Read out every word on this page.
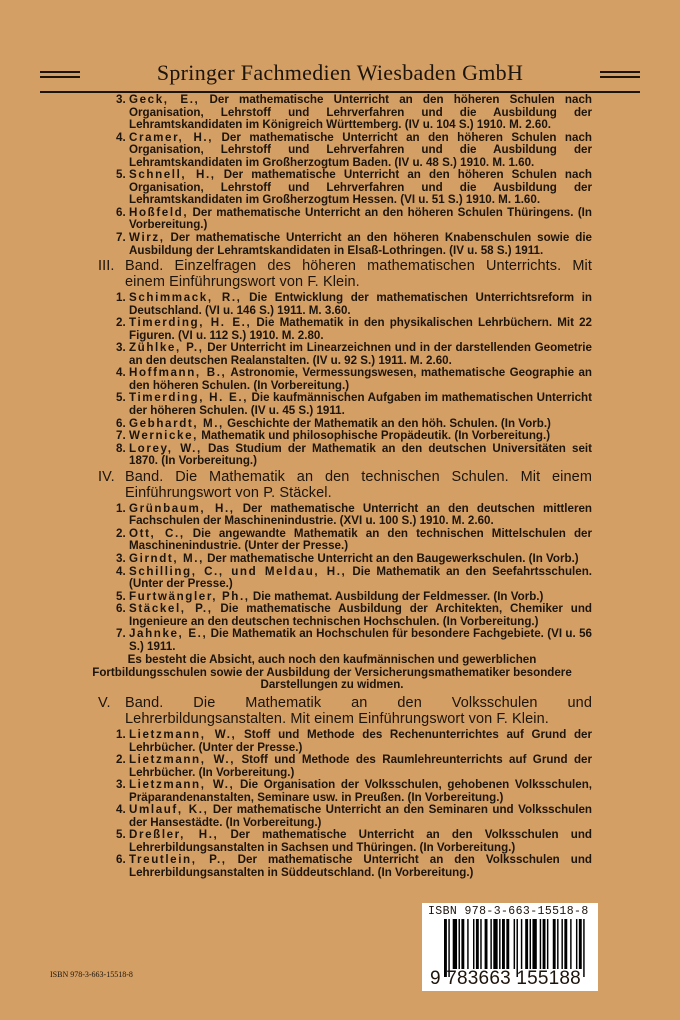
Springer Fachmedien Wiesbaden GmbH

3. Geck, E., Der mathematische Unterricht an den höheren Schulen nach Organisation, Lehrstoff und Lehrverfahren und die Ausbildung der Lehramtskandidaten im Königreich Württemberg. (IV u. 104 S.) 1910. M. 2.60.

4. Cramer, H., Der mathematische Unterricht an den höheren Schulen nach Organisation, Lehrstoff und Lehrverfahren und die Ausbildung der Lehramtskandidaten im Großherzogtum Baden. (IV u. 48 S.) 1910. M. 1.60.

5. Schnell, H., Der mathematische Unterricht an den höheren Schulen nach Organisation, Lehrstoff und Lehrverfahren und die Ausbildung der Lehramtskandidaten im Großherzogtum Hessen. (VI u. 51 S.) 1910. M. 1.60.

6. Hoßfeld, Der mathematische Unterricht an den höheren Schulen Thüringens. (In Vorbereitung.)

7. Wirz, Der mathematische Unterricht an den höheren Knabenschulen sowie die Ausbildung der Lehramtskandidaten in Elsaß-Lothringen. (IV u. 58 S.) 1911.

III. Band. Einzelfragen des höheren mathematischen Unterrichts. Mit einem Einführungswort von F. Klein.

1. Schimmack, R., Die Entwicklung der mathematischen Unterrichtsreform in Deutschland. (VI u. 146 S.) 1911. M. 3.60.

2. Timerding, H. E., Die Mathematik in den physikalischen Lehrbüchern. Mit 22 Figuren. (VI u. 112 S.) 1910. M. 2.80.

3. Zühlke, P., Der Unterricht im Linearzeichnen und in der darstellenden Geometrie an den deutschen Realanstalten. (IV u. 92 S.) 1911. M. 2.60.

4. Hoffmann, B., Astronomie, Vermessungswesen, mathematische Geographie an den höheren Schulen. (In Vorbereitung.)

5. Timerding, H. E., Die kaufmännischen Aufgaben im mathematischen Unterricht der höheren Schulen. (IV u. 45 S.) 1911.

6. Gebhardt, M., Geschichte der Mathematik an den höh. Schulen. (In Vorb.)

7. Wernicke, Mathematik und philosophische Propädeutik. (In Vorbereitung.)

8. Lorey, W., Das Studium der Mathematik an den deutschen Universitäten seit 1870. (In Vorbereitung.)

IV. Band. Die Mathematik an den technischen Schulen. Mit einem Einführungswort von P. Stäckel.

1. Grünbaum, H., Der mathematische Unterricht an den deutschen mittleren Fachschulen der Maschinenindustrie. (XVI u. 100 S.) 1910. M. 2.60.

2. Ott, C., Die angewandte Mathematik an den technischen Mittelschulen der Maschinenindustrie. (Unter der Presse.)

3. Girndt, M., Der mathematische Unterricht an den Baugewerkschulen. (In Vorb.)

4. Schilling, C., und Meldau, H., Die Mathematik an den Seefahrtsschulen. (Unter der Presse.)

5. Furtwängler, Ph., Die mathemat. Ausbildung der Feldmesser. (In Vorb.)

6. Stäckel, P., Die mathematische Ausbildung der Architekten, Chemiker und Ingenieure an den deutschen technischen Hochschulen. (In Vorbereitung.)

7. Jahnke, E., Die Mathematik an Hochschulen für besondere Fachgebiete. (VI u. 56 S.) 1911.

Es besteht die Absicht, auch noch den kaufmännischen und gewerblichen Fortbildungsschulen sowie der Ausbildung der Versicherungsmathematiker besondere Darstellungen zu widmen.

V. Band. Die Mathematik an den Volksschulen und Lehrerbildungsanstalten. Mit einem Einführungswort von F. Klein.

1. Lietzmann, W., Stoff und Methode des Rechenunterrichtes auf Grund der Lehrbücher. (Unter der Presse.)

2. Lietzmann, W., Stoff und Methode des Raumlehreunterrichts auf Grund der Lehrbücher. (In Vorbereitung.)

3. Lietzmann, W., Die Organisation der Volksschulen, gehobenen Volksschulen, Präparandenanstalten, Seminare usw. in Preußen. (In Vorbereitung.)

4. Umlauf, K., Der mathematische Unterricht an den Seminaren und Volksschulen der Hansestädte. (In Vorbereitung.)

5. Dreßler, H., Der mathematische Unterricht an den Volksschulen und Lehrerbildungsanstalten in Sachsen und Thüringen. (In Vorbereitung.)

6. Treutlein, P., Der mathematische Unterricht an den Volksschulen und Lehrerbildungsanstalten in Süddeutschland. (In Vorbereitung.)

ISBN 978-3-663-15518-8
ISBN 978-3-663-15518-8
9 783663 155188
